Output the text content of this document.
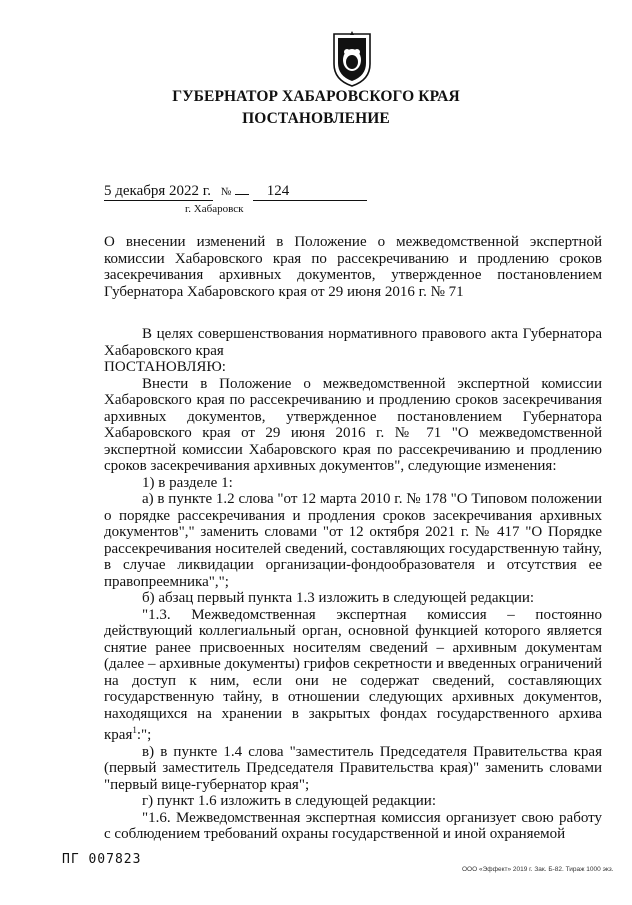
ГУБЕРНАТОР ХАБАРОВСКОГО КРАЯ
ПОСТАНОВЛЕНИЕ
5 декабря 2022 г. № 124
г. Хабаровск
О внесении изменений в Положение о межведомственной экспертной комиссии Хабаровского края по рассекречиванию и продлению сроков засекречивания архивных документов, утвержденное постановлением Губернатора Хабаровского края от 29 июня 2016 г. № 71

В целях совершенствования нормативного правового акта Губернатора Хабаровского края

ПОСТАНОВЛЯЮ:

Внести в Положение о межведомственной экспертной комиссии Хабаровского края по рассекречиванию и продлению сроков засекречивания архивных документов, утвержденное постановлением Губернатора Хабаровского края от 29 июня 2016 г. № 71 "О межведомственной экспертной комиссии Хабаровского края по рассекречиванию и продлению сроков засекречивания архивных документов", следующие изменения:

1) в разделе 1:

а) в пункте 1.2 слова "от 12 марта 2010 г. № 178 "О Типовом положении о порядке рассекречивания и продления сроков засекречивания архивных документов"," заменить словами "от 12 октября 2021 г. № 417 "О Порядке рассекречивания носителей сведений, составляющих государственную тайну, в случае ликвидации организации-фондообразователя и отсутствия ее правопреемника",";

б) абзац первый пункта 1.3 изложить в следующей редакции:

"1.3. Межведомственная экспертная комиссия – постоянно действующий коллегиальный орган, основной функцией которого является снятие ранее присвоенных носителям сведений – архивным документам (далее – архивные документы) грифов секретности и введенных ограничений на доступ к ним, если они не содержат сведений, составляющих государственную тайну, в отношении следующих архивных документов, находящихся на хранении в закрытых фондах государственного архива края$^1$:";

в) в пункте 1.4 слова "заместитель Председателя Правительства края (первый заместитель Председателя Правительства края)" заменить словами "первый вице-губернатор края";

г) пункт 1.6 изложить в следующей редакции:

"1.6. Межведомственная экспертная комиссия организует свою работу с соблюдением требований охраны государственной и иной охраняемой

ПГ 007823
ООО «Эффект» 2019 г. Зак. Б-82. Тираж 1000 экз.
